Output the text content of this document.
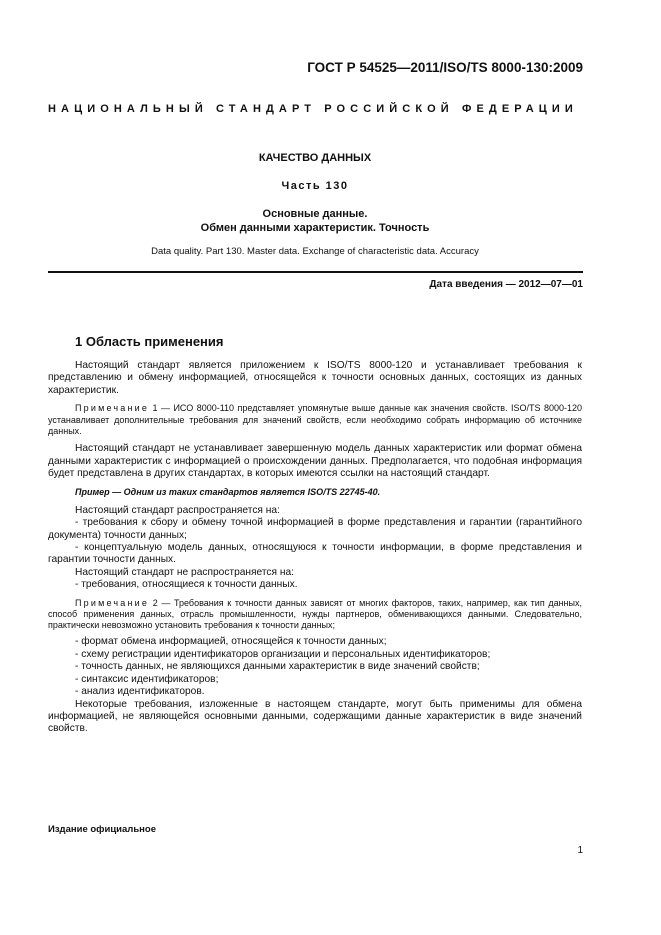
ГОСТ Р 54525—2011/ISO/TS 8000-130:2009
НАЦИОНАЛЬНЫЙ СТАНДАРТ РОССИЙСКОЙ ФЕДЕРАЦИИ
КАЧЕСТВО ДАННЫХ
Часть 130
Основные данные.
Обмен данными характеристик. Точность
Data quality. Part 130. Master data. Exchange of characteristic data. Accuracy
Дата введения — 2012—07—01
1 Область применения

Настоящий стандарт является приложением к ISO/TS 8000-120 и устанавливает требования к представлению и обмену информацией, относящейся к точности основных данных, состоящих из данных характеристик.

Примечание 1 — ИСО 8000-110 представляет упомянутые выше данные как значения свойств. ISO/TS 8000-120 устанавливает дополнительные требования для значений свойств, если необходимо собрать информацию об источнике данных.

Настоящий стандарт не устанавливает завершенную модель данных характеристик или формат обмена данными характеристик с информацией о происхождении данных. Предполагается, что подобная информация будет представлена в других стандартах, в которых имеются ссылки на настоящий стандарт.

Пример — Одним из таких стандартов является ISO/TS 22745-40.

Настоящий стандарт распространяется на:

- требования к сбору и обмену точной информацией в форме представления и гарантии (гарантийного документа) точности данных;

- концептуальную модель данных, относящуюся к точности информации, в форме представления и гарантии точности данных.

Настоящий стандарт не распространяется на:

- требования, относящиеся к точности данных.

Примечание 2 — Требования к точности данных зависят от многих факторов, таких, например, как тип данных, способ применения данных, отрасль промышленности, нужды партнеров, обменивающихся данными. Следовательно, практически невозможно установить требования к точности данных;

- формат обмена информацией, относящейся к точности данных;

- схему регистрации идентификаторов организации и персональных идентификаторов;

- точность данных, не являющихся данными характеристик в виде значений свойств;

- синтаксис идентификаторов;

- анализ идентификаторов.

Некоторые требования, изложенные в настоящем стандарте, могут быть применимы для обмена информацией, не являющейся основными данными, содержащими данные характеристик в виде значений свойств.

Издание официальное
1
